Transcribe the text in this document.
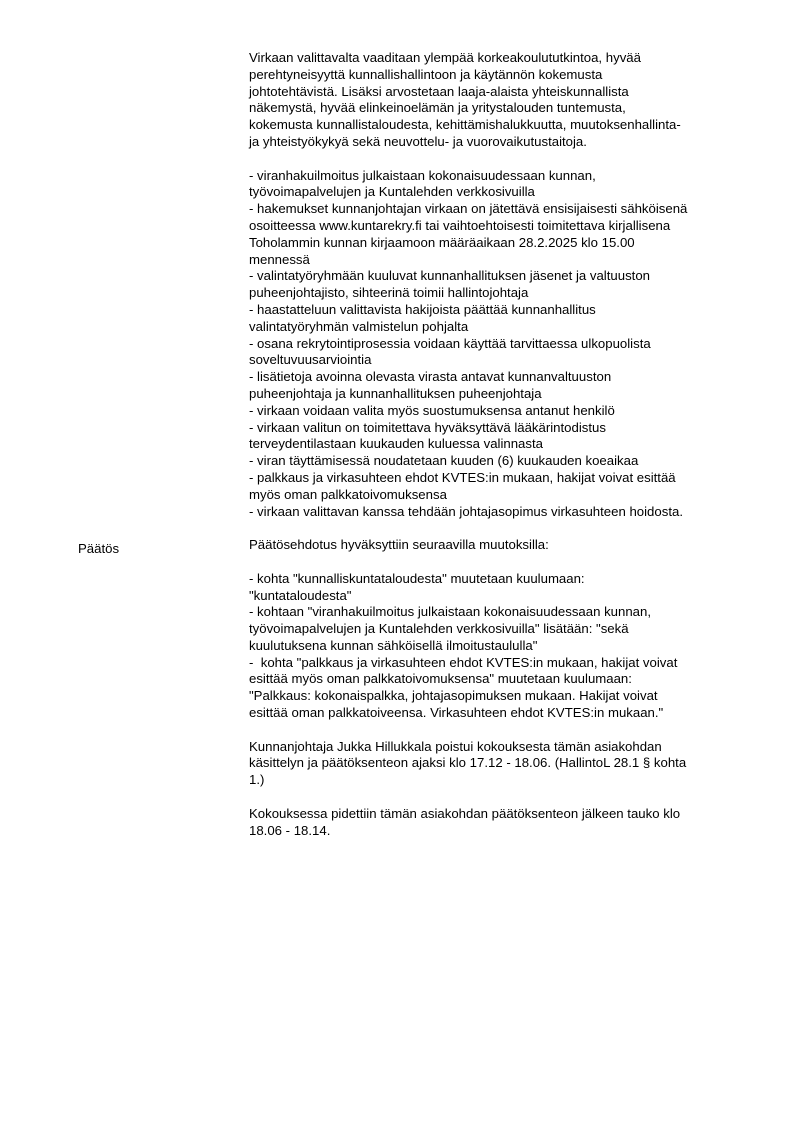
Päätös
Virkaan valittavalta vaaditaan ylempää korkeakoulututkintoa, hyvää
perehtyneisyyttä kunnallishallintoon ja käytännön kokemusta
johtotehtävistä. Lisäksi arvostetaan laaja-alaista yhteiskunnallista
näkemystä, hyvää elinkeinoelämän ja yritystalouden tuntemusta,
kokemusta kunnallistaloudesta, kehittämishalukkuutta, muutoksenhallinta-
ja yhteistyökykyä sekä neuvottelu- ja vuorovaikutustaitoja.
- viranhakuilmoitus julkaistaan kokonaisuudessaan kunnan,
työvoimapalvelujen ja Kuntalehden verkkosivuilla
- hakemukset kunnanjohtajan virkaan on jätettävä ensisijaisesti sähköisenä
osoitteessa www.kuntarekry.fi tai vaihtoehtoisesti toimitettava kirjallisena
Toholammin kunnan kirjaamoon määräaikaan 28.2.2025 klo 15.00
mennessä
- valintatyöryhmään kuuluvat kunnanhallituksen jäsenet ja valtuuston
puheenjohtajisto, sihteerinä toimii hallintojohtaja
- haastatteluun valittavista hakijoista päättää kunnanhallitus
valintatyöryhmän valmistelun pohjalta
- osana rekrytointiprosessia voidaan käyttää tarvittaessa ulkopuolista
soveltuvuusarviointia
- lisätietoja avoinna olevasta virasta antavat kunnanvaltuuston
puheenjohtaja ja kunnanhallituksen puheenjohtaja
- virkaan voidaan valita myös suostumuksensa antanut henkilö
- virkaan valitun on toimitettava hyväksyttävä lääkärintodistus
terveydentilastaan kuukauden kuluessa valinnasta
- viran täyttämisessä noudatetaan kuuden (6) kuukauden koeaikaa
- palkkaus ja virkasuhteen ehdot KVTES:in mukaan, hakijat voivat esittää
myös oman palkkatoivomuksensa
- virkaan valittavan kanssa tehdään johtajasopimus virkasuhteen hoidosta.
Päätösehdotus hyväksyttiin seuraavilla muutoksilla:
- kohta "kunnalliskuntataloudesta" muutetaan kuulumaan:
"kuntataloudesta"
- kohtaan "viranhakuilmoitus julkaistaan kokonaisuudessaan kunnan,
työvoimapalvelujen ja Kuntalehden verkkosivuilla" lisätään: "sekä
kuulutuksena kunnan sähköisellä ilmoitustaululla"
-  kohta "palkkaus ja virkasuhteen ehdot KVTES:in mukaan, hakijat voivat
esittää myös oman palkkatoivomuksensa" muutetaan kuulumaan:
"Palkkaus: kokonaispalkka, johtajasopimuksen mukaan. Hakijat voivat
esittää oman palkkatoiveensa. Virkasuhteen ehdot KVTES:in mukaan."
Kunnanjohtaja Jukka Hillukkala poistui kokouksesta tämän asiakohdan
käsittelyn ja päätöksenteon ajaksi klo 17.12 - 18.06. (HallintoL 28.1 § kohta
1.)
Kokouksessa pidettiin tämän asiakohdan päätöksenteon jälkeen tauko klo
18.06 - 18.14.
